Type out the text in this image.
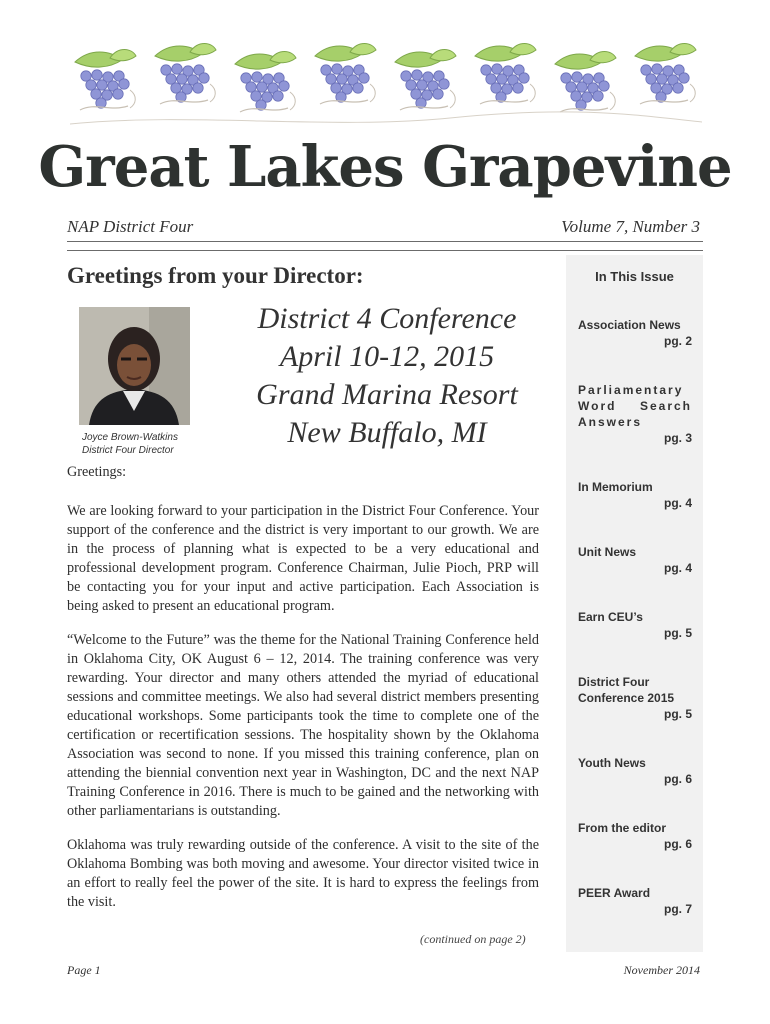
Great Lakes Grapevine
NAP District Four	Volume 7, Number 3
Greetings from your Director:
Joyce Brown-Watkins
District Four Director
District 4 Conference
April 10-12, 2015
Grand Marina Resort
New Buffalo, MI

Greetings:

We are looking forward to your participation in the District Four Conference. Your support of the conference and the district is very important to our growth. We are in the process of planning what is expected to be a very educational and professional development program. Conference Chairman, Julie Pioch, PRP will be contacting you for your input and active participation. Each Association is being asked to present an educational program.

“Welcome to the Future” was the theme for the National Training Conference held in Oklahoma City, OK August 6 – 12, 2014. The training conference was very rewarding. Your director and many others attended the myriad of educational sessions and committee meetings. We also had several district members presenting educational workshops. Some participants took the time to complete one of the certification or recertification sessions. The hospitality shown by the Oklahoma Association was second to none. If you missed this training conference, plan on attending the biennial convention next year in Washington, DC and the next NAP Training Conference in 2016. There is much to be gained and the networking with other parliamentarians is outstanding.

Oklahoma was truly rewarding outside of the conference. A visit to the site of the Oklahoma Bombing was both moving and awesome. Your director visited twice in an effort to really feel the power of the site. It is hard to express the feelings from the visit.

(continued on page 2)
In This Issue
Association News
pg. 2
Parliamentary Word Search Answers
pg. 3
In Memorium
pg. 4
Unit News
pg. 4
Earn CEU’s
pg. 5
District Four Conference 2015
pg. 5
Youth News
pg. 6
From the editor
pg. 6
PEER Award
pg. 7
Page 1	November 2014
